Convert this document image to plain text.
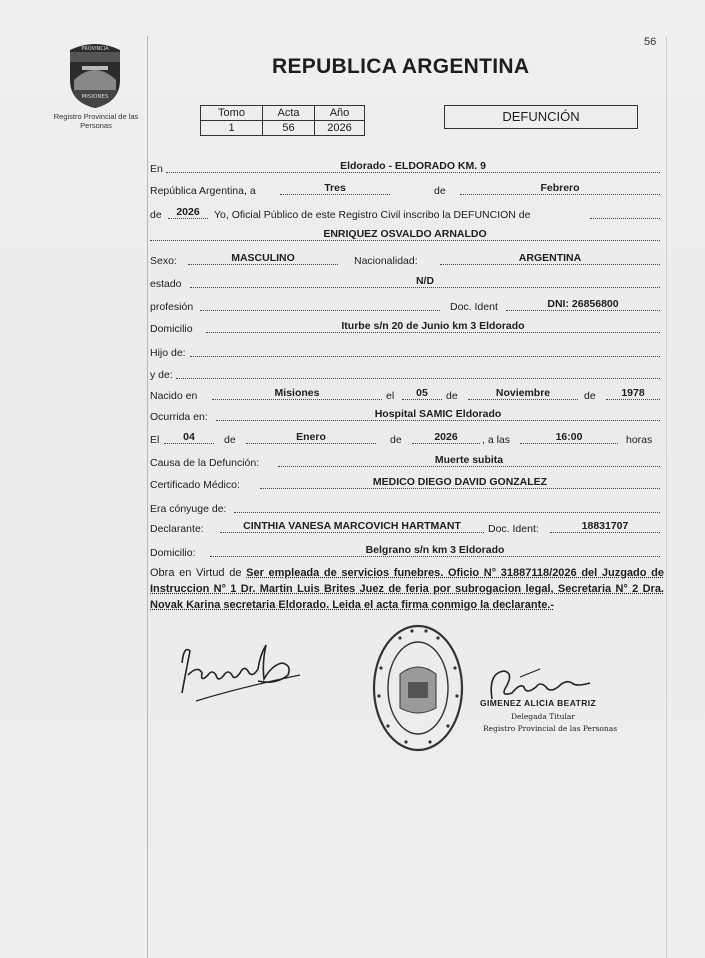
56
PROVINCIA
MISIONES
Registro Provincial de las Personas
REPUBLICA ARGENTINA
Tomo	Acta	Año
1	56	2026
DEFUNCIÓN
En	Eldorado - ELDORADO KM. 9
República Argentina, a	Tres	de	Febrero
de	2026	Yo, Oficial Público de este Registro Civil inscribo la DEFUNCION de
ENRIQUEZ OSVALDO ARNALDO
Sexo:	MASCULINO	Nacionalidad:	ARGENTINA
estado	N/D
profesión	Doc. Ident	DNI: 26856800
Domicilio	Iturbe s/n 20 de Junio km 3 Eldorado
Hijo de:
y de:
Nacido en	Misiones	el	05	de	Noviembre	de	1978
Ocurrida en:	Hospital SAMIC Eldorado
El	04	de	Enero	de	2026	, a las	16:00	horas
Causa de la Defunción:	Muerte subita
Certificado Médico:	MEDICO DIEGO DAVID GONZALEZ
Era cónyuge de:
Declarante:	CINTHIA VANESA MARCOVICH HARTMANT	Doc. Ident:	18831707
Domicilio:	Belgrano s/n km 3 Eldorado
Obra en Virtud de Ser empleada de servicios funebres. Oficio N° 31887118/2026 del Juzgado de Instruccion N° 1 Dr. Martin Luis Brites Juez de feria por subrogacion legal, Secretaria N° 2 Dra. Novak Karina secretaria Eldorado. Leida el acta firma conmigo la declarante.-
GIMENEZ ALICIA BEATRIZ
Delegada Titular
Registro Provincial de las Personas
